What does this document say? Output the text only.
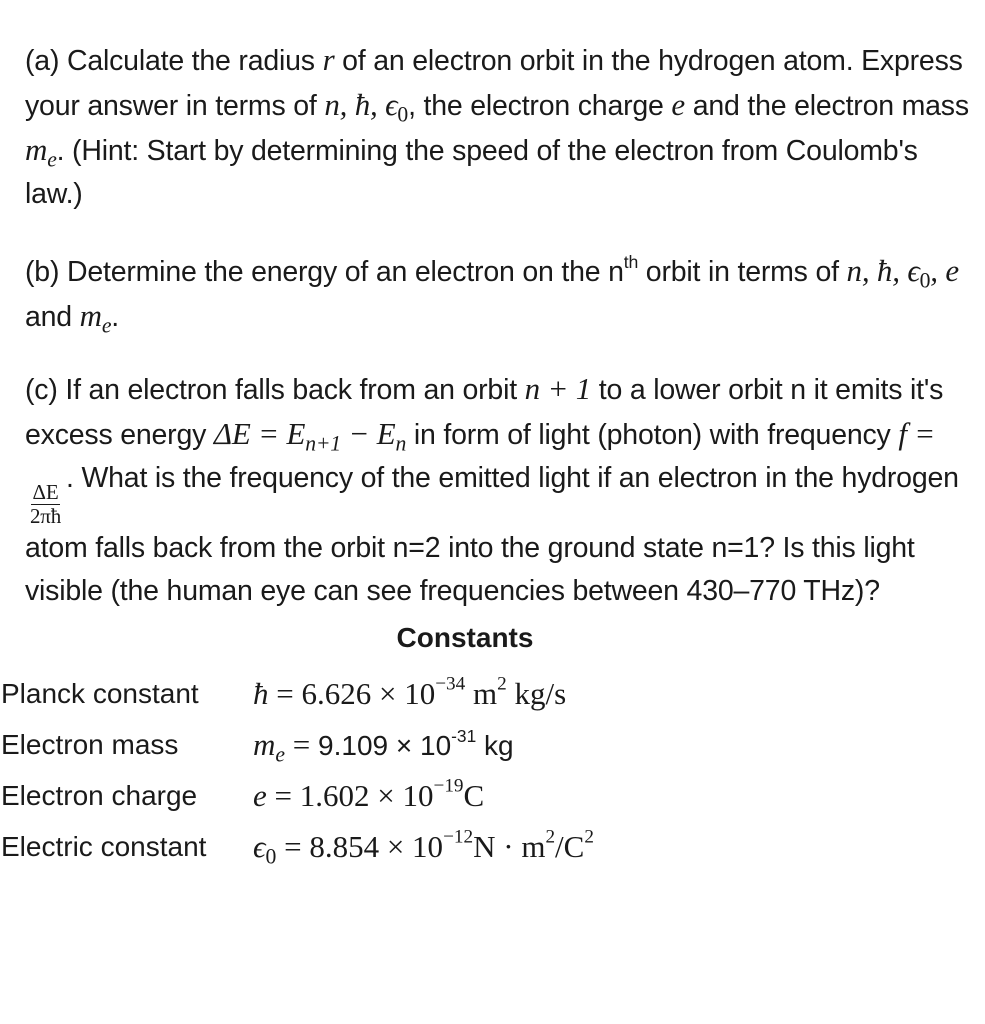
(a) Calculate the radius r of an electron orbit in the hydrogen atom. Express your answer in terms of n, ħ, $\epsilon_0$, the electron charge e and the electron mass $m_e$. (Hint: Start by determining the speed of the electron from Coulomb's law.)

(b) Determine the energy of an electron on the $n^{th}$ orbit in terms of n, ħ, $\epsilon_0$, e and $m_e$.

(c) If an electron falls back from an orbit n + 1 to a lower orbit n it emits it's excess energy $\Delta E = E_{n+1} - E_n$ in form of light (photon) with frequency f =
$\frac{\Delta E}{2\pi ħ}$
. What is the frequency of the emitted light if an electron in the hydrogen atom falls back from the orbit n=2 into the ground state n=1? Is this light visible (the human eye can see frequencies between 430–770 THz)?

Constants
Planck constant	ħ = $6.626 \times 10^{-34}$ $m^2$ kg/s
Electron mass	$m_e = 9.109 \times 10^{-31}$ kg
Electron charge	$e = 1.602 \times 10^{-19}C$
Electric constant	$\epsilon_0 = 8.854 \times 10^{-12}N \cdot m^2/C^2$
